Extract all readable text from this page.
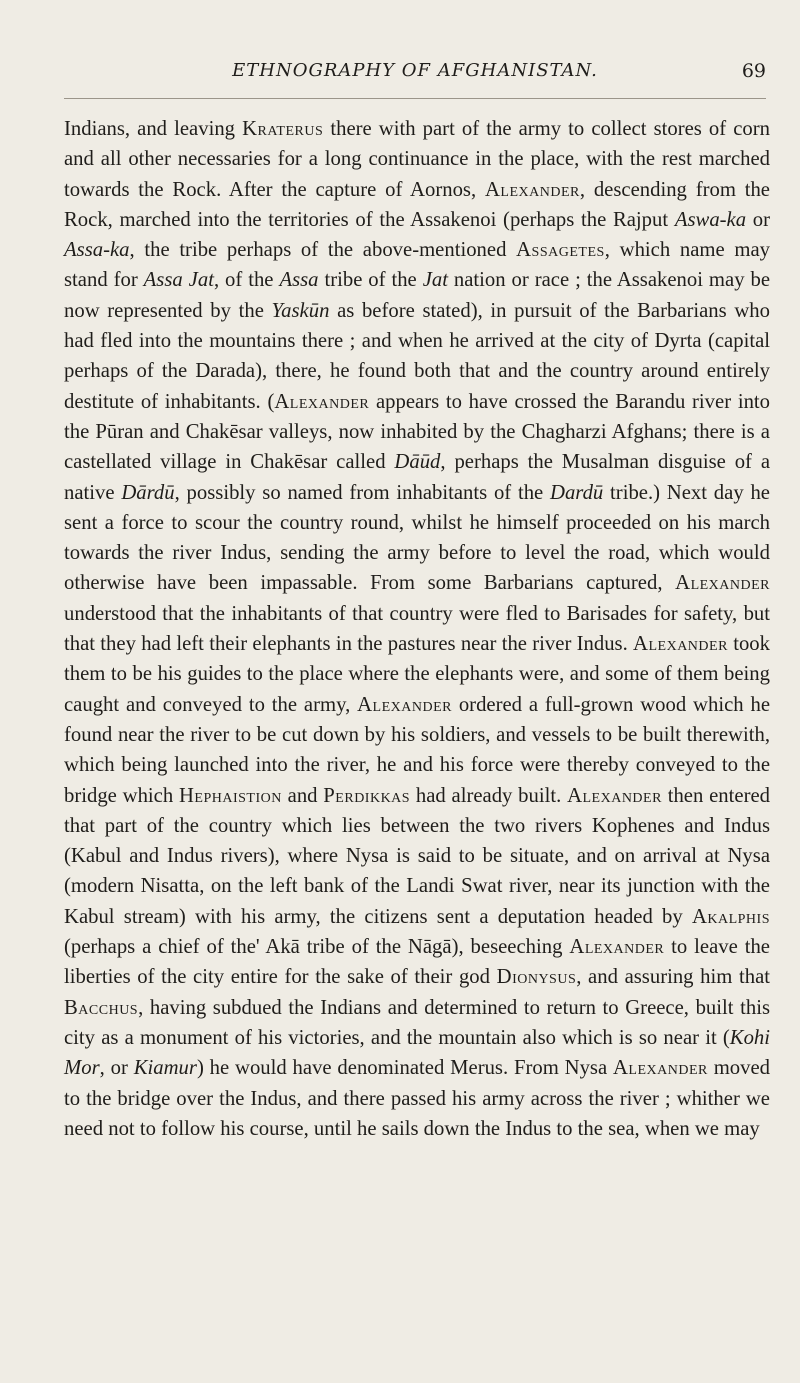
ETHNOGRAPHY OF AFGHANISTAN.	69

Indians, and leaving Kraterus there with part of the army to collect stores of corn and all other necessaries for a long continuance in the place, with the rest marched towards the Rock. After the capture of Aornos, Alexander, descending from the Rock, marched into the territories of the Assakenoi (perhaps the Rajput Aswa-ka or Assa-ka, the tribe perhaps of the above-mentioned Assagetes, which name may stand for Assa Jat, of the Assa tribe of the Jat nation or race ; the Assakenoi may be now represented by the Yaskūn as before stated), in pursuit of the Barbarians who had fled into the mountains there ; and when he arrived at the city of Dyrta (capital perhaps of the Darada), there, he found both that and the country around entirely destitute of inhabitants. (Alexander appears to have crossed the Barandu river into the Pūran and Chakēsar valleys, now inhabited by the Chagharzi Afghans; there is a castellated village in Chakēsar called Dāūd, perhaps the Musalman disguise of a native Dārdū, possibly so named from inhabitants of the Dardū tribe.) Next day he sent a force to scour the country round, whilst he himself proceeded on his march towards the river Indus, sending the army before to level the road, which would otherwise have been impassable. From some Barbarians captured, Alexander understood that the inhabitants of that country were fled to Barisades for safety, but that they had left their elephants in the pastures near the river Indus. Alexander took them to be his guides to the place where the elephants were, and some of them being caught and conveyed to the army, Alexander ordered a full-grown wood which he found near the river to be cut down by his soldiers, and vessels to be built therewith, which being launched into the river, he and his force were thereby conveyed to the bridge which Hephaistion and Perdikkas had already built. Alexander then entered that part of the country which lies between the two rivers Kophenes and Indus (Kabul and Indus rivers), where Nysa is said to be situate, and on arrival at Nysa (modern Nisatta, on the left bank of the Landi Swat river, near its junction with the Kabul stream) with his army, the citizens sent a deputation headed by Akalphis (perhaps a chief of the' Akā tribe of the Nāgā), beseeching Alexander to leave the liberties of the city entire for the sake of their god Dionysus, and assuring him that Bacchus, having subdued the Indians and determined to return to Greece, built this city as a monument of his victories, and the mountain also which is so near it (Kohi Mor, or Kiamur) he would have denominated Merus. From Nysa Alexander moved to the bridge over the Indus, and there passed his army across the river ; whither we need not to follow his course, until he sails down the Indus to the sea, when we may
